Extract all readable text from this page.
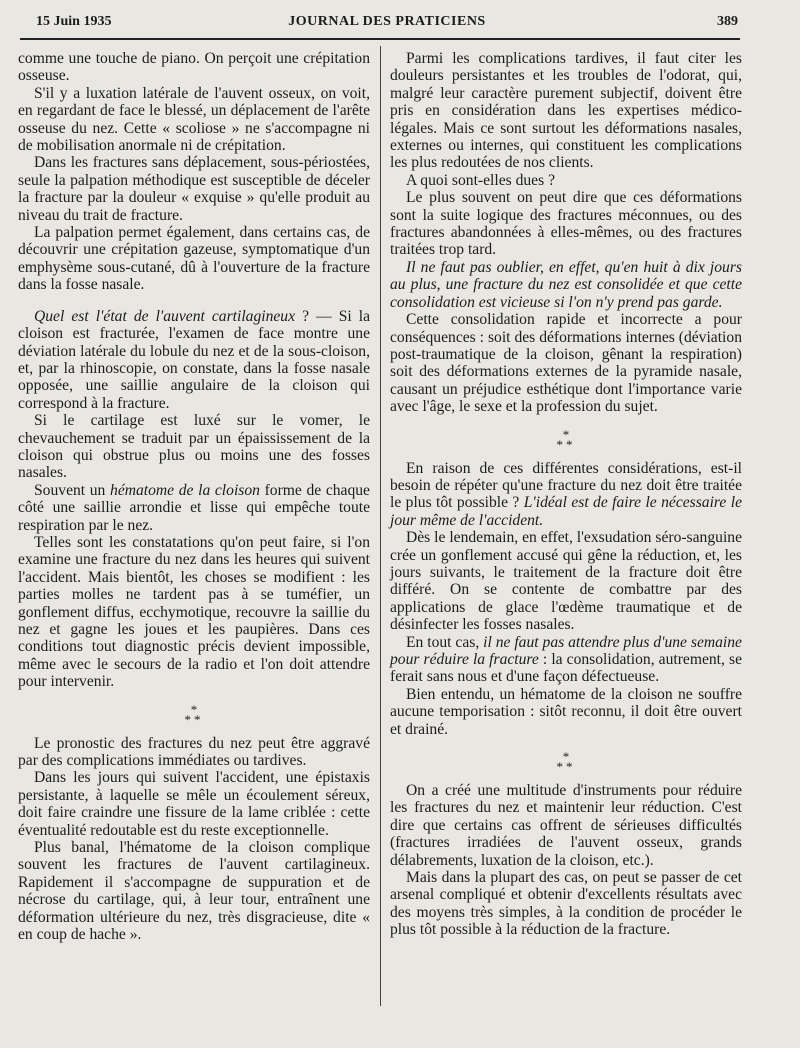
15 Juin 1935	JOURNAL DES PRATICIENS	389

comme une touche de piano. On perçoit une crépitation osseuse.

S'il y a luxation latérale de l'auvent osseux, on voit, en regardant de face le blessé, un déplacement de l'arête osseuse du nez. Cette « scoliose » ne s'accompagne ni de mobilisation anormale ni de crépitation.

Dans les fractures sans déplacement, sous-périostées, seule la palpation méthodique est susceptible de déceler la fracture par la douleur « exquise » qu'elle produit au niveau du trait de fracture.

La palpation permet également, dans certains cas, de découvrir une crépitation gazeuse, symptomatique d'un emphysème sous-cutané, dû à l'ouverture de la fracture dans la fosse nasale.

Quel est l'état de l'auvent cartilagineux ? — Si la cloison est fracturée, l'examen de face montre une déviation latérale du lobule du nez et de la sous-cloison, et, par la rhinoscopie, on constate, dans la fosse nasale opposée, une saillie angulaire de la cloison qui correspond à la fracture.

Si le cartilage est luxé sur le vomer, le chevauchement se traduit par un épaississement de la cloison qui obstrue plus ou moins une des fosses nasales.

Souvent un hématome de la cloison forme de chaque côté une saillie arrondie et lisse qui empêche toute respiration par le nez.

Telles sont les constatations qu'on peut faire, si l'on examine une fracture du nez dans les heures qui suivent l'accident. Mais bientôt, les choses se modifient : les parties molles ne tardent pas à se tuméfier, un gonflement diffus, ecchymotique, recouvre la saillie du nez et gagne les joues et les paupières. Dans ces conditions tout diagnostic précis devient impossible, même avec le secours de la radio et l'on doit attendre pour intervenir.

*
**

Le pronostic des fractures du nez peut être aggravé par des complications immédiates ou tardives.

Dans les jours qui suivent l'accident, une épistaxis persistante, à laquelle se mêle un écoulement séreux, doit faire craindre une fissure de la lame criblée : cette éventualité redoutable est du reste exceptionnelle.

Plus banal, l'hématome de la cloison complique souvent les fractures de l'auvent cartilagineux. Rapidement il s'accompagne de suppuration et de nécrose du cartilage, qui, à leur tour, entraînent une déformation ultérieure du nez, très disgracieuse, dite « en coup de hache ».

Parmi les complications tardives, il faut citer les douleurs persistantes et les troubles de l'odorat, qui, malgré leur caractère purement subjectif, doivent être pris en considération dans les expertises médico-légales. Mais ce sont surtout les déformations nasales, externes ou internes, qui constituent les complications les plus redoutées de nos clients.

A quoi sont-elles dues ?

Le plus souvent on peut dire que ces déformations sont la suite logique des fractures méconnues, ou des fractures abandonnées à elles-mêmes, ou des fractures traitées trop tard.

Il ne faut pas oublier, en effet, qu'en huit à dix jours au plus, une fracture du nez est consolidée et que cette consolidation est vicieuse si l'on n'y prend pas garde.

Cette consolidation rapide et incorrecte a pour conséquences : soit des déformations internes (déviation post-traumatique de la cloison, gênant la respiration) soit des déformations externes de la pyramide nasale, causant un préjudice esthétique dont l'importance varie avec l'âge, le sexe et la profession du sujet.

*
**

En raison de ces différentes considérations, est-il besoin de répéter qu'une fracture du nez doit être traitée le plus tôt possible ? L'idéal est de faire le nécessaire le jour même de l'accident.

Dès le lendemain, en effet, l'exsudation séro-sanguine crée un gonflement accusé qui gêne la réduction, et, les jours suivants, le traitement de la fracture doit être différé. On se contente de combattre par des applications de glace l'œdème traumatique et de désinfecter les fosses nasales.

En tout cas, il ne faut pas attendre plus d'une semaine pour réduire la fracture : la consolidation, autrement, se ferait sans nous et d'une façon défectueuse.

Bien entendu, un hématome de la cloison ne souffre aucune temporisation : sitôt reconnu, il doit être ouvert et drainé.

*
**

On a créé une multitude d'instruments pour réduire les fractures du nez et maintenir leur réduction. C'est dire que certains cas offrent de sérieuses difficultés (fractures irradiées de l'auvent osseux, grands délabrements, luxation de la cloison, etc.).

Mais dans la plupart des cas, on peut se passer de cet arsenal compliqué et obtenir d'excellents résultats avec des moyens très simples, à la condition de procéder le plus tôt possible à la réduction de la fracture.
